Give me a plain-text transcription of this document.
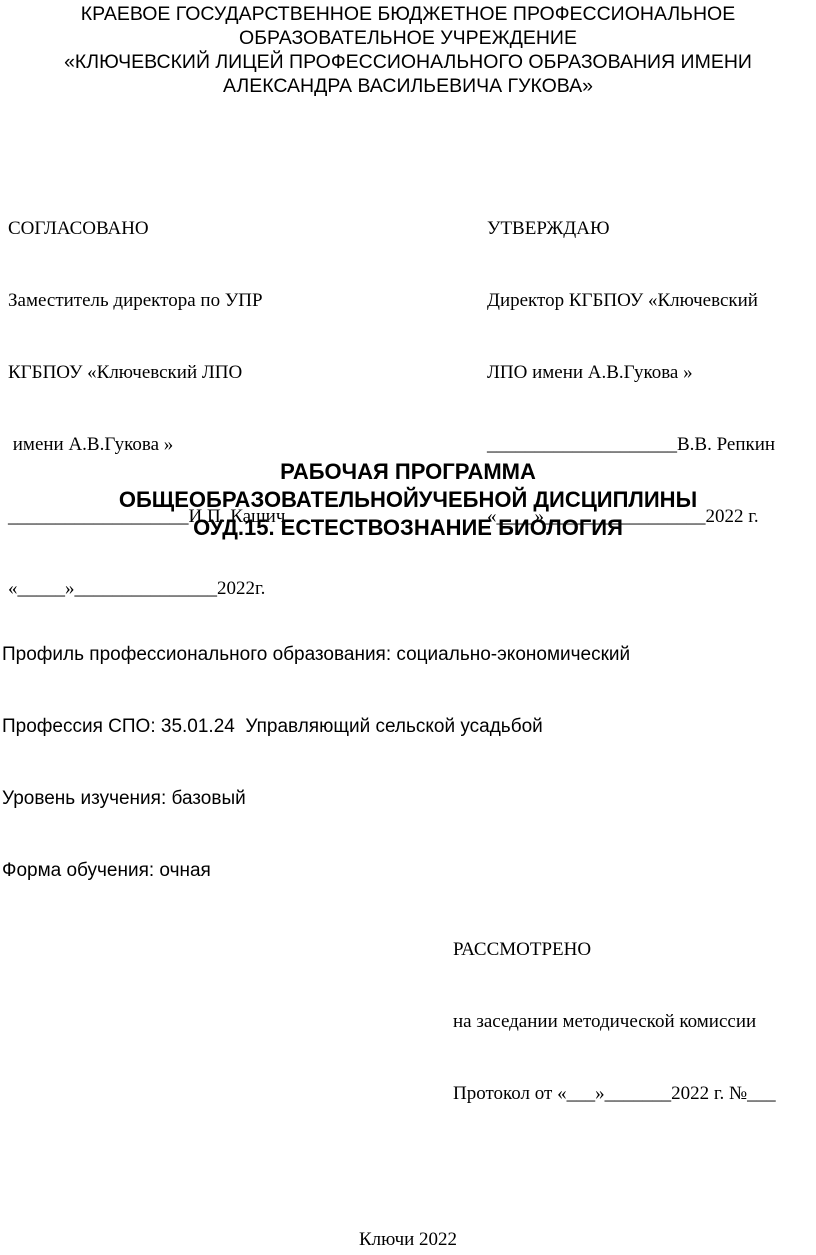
КРАЕВОЕ ГОСУДАРСТВЕННОЕ БЮДЖЕТНОЕ ПРОФЕССИОНАЛЬНОЕ
ОБРАЗОВАТЕЛЬНОЕ УЧРЕЖДЕНИЕ
«КЛЮЧЕВСКИЙ ЛИЦЕЙ ПРОФЕССИОНАЛЬНОГО ОБРАЗОВАНИЯ ИМЕНИ
АЛЕКСАНДРА ВАСИЛЬЕВИЧА ГУКОВА»

СОГЛАСОВАНО

Заместитель директора по УПР

КГБПОУ «Ключевский ЛПО

имени А.В.Гукова »

___________________И.П. Кашич

«_____»_______________2022г.

УТВЕРЖДАЮ

Директор КГБПОУ «Ключевский

ЛПО имени А.В.Гукова »

____________________В.В. Репкин

«____»_________________2022 г.

РАБОЧАЯ ПРОГРАММА
ОБЩЕОБРАЗОВАТЕЛЬНОЙУЧЕБНОЙ ДИСЦИПЛИНЫ
ОУД.15. ЕСТЕСТВОЗНАНИЕ БИОЛОГИЯ

Профиль профессионального образования: социально-экономический

Профессия СПО: 35.01.24  Управляющий сельской усадьбой

Уровень изучения: базовый

Форма обучения: очная

РАССМОТРЕНО

на заседании методической комиссии

Протокол от «___»_______2022 г. №___

Ключи 2022
